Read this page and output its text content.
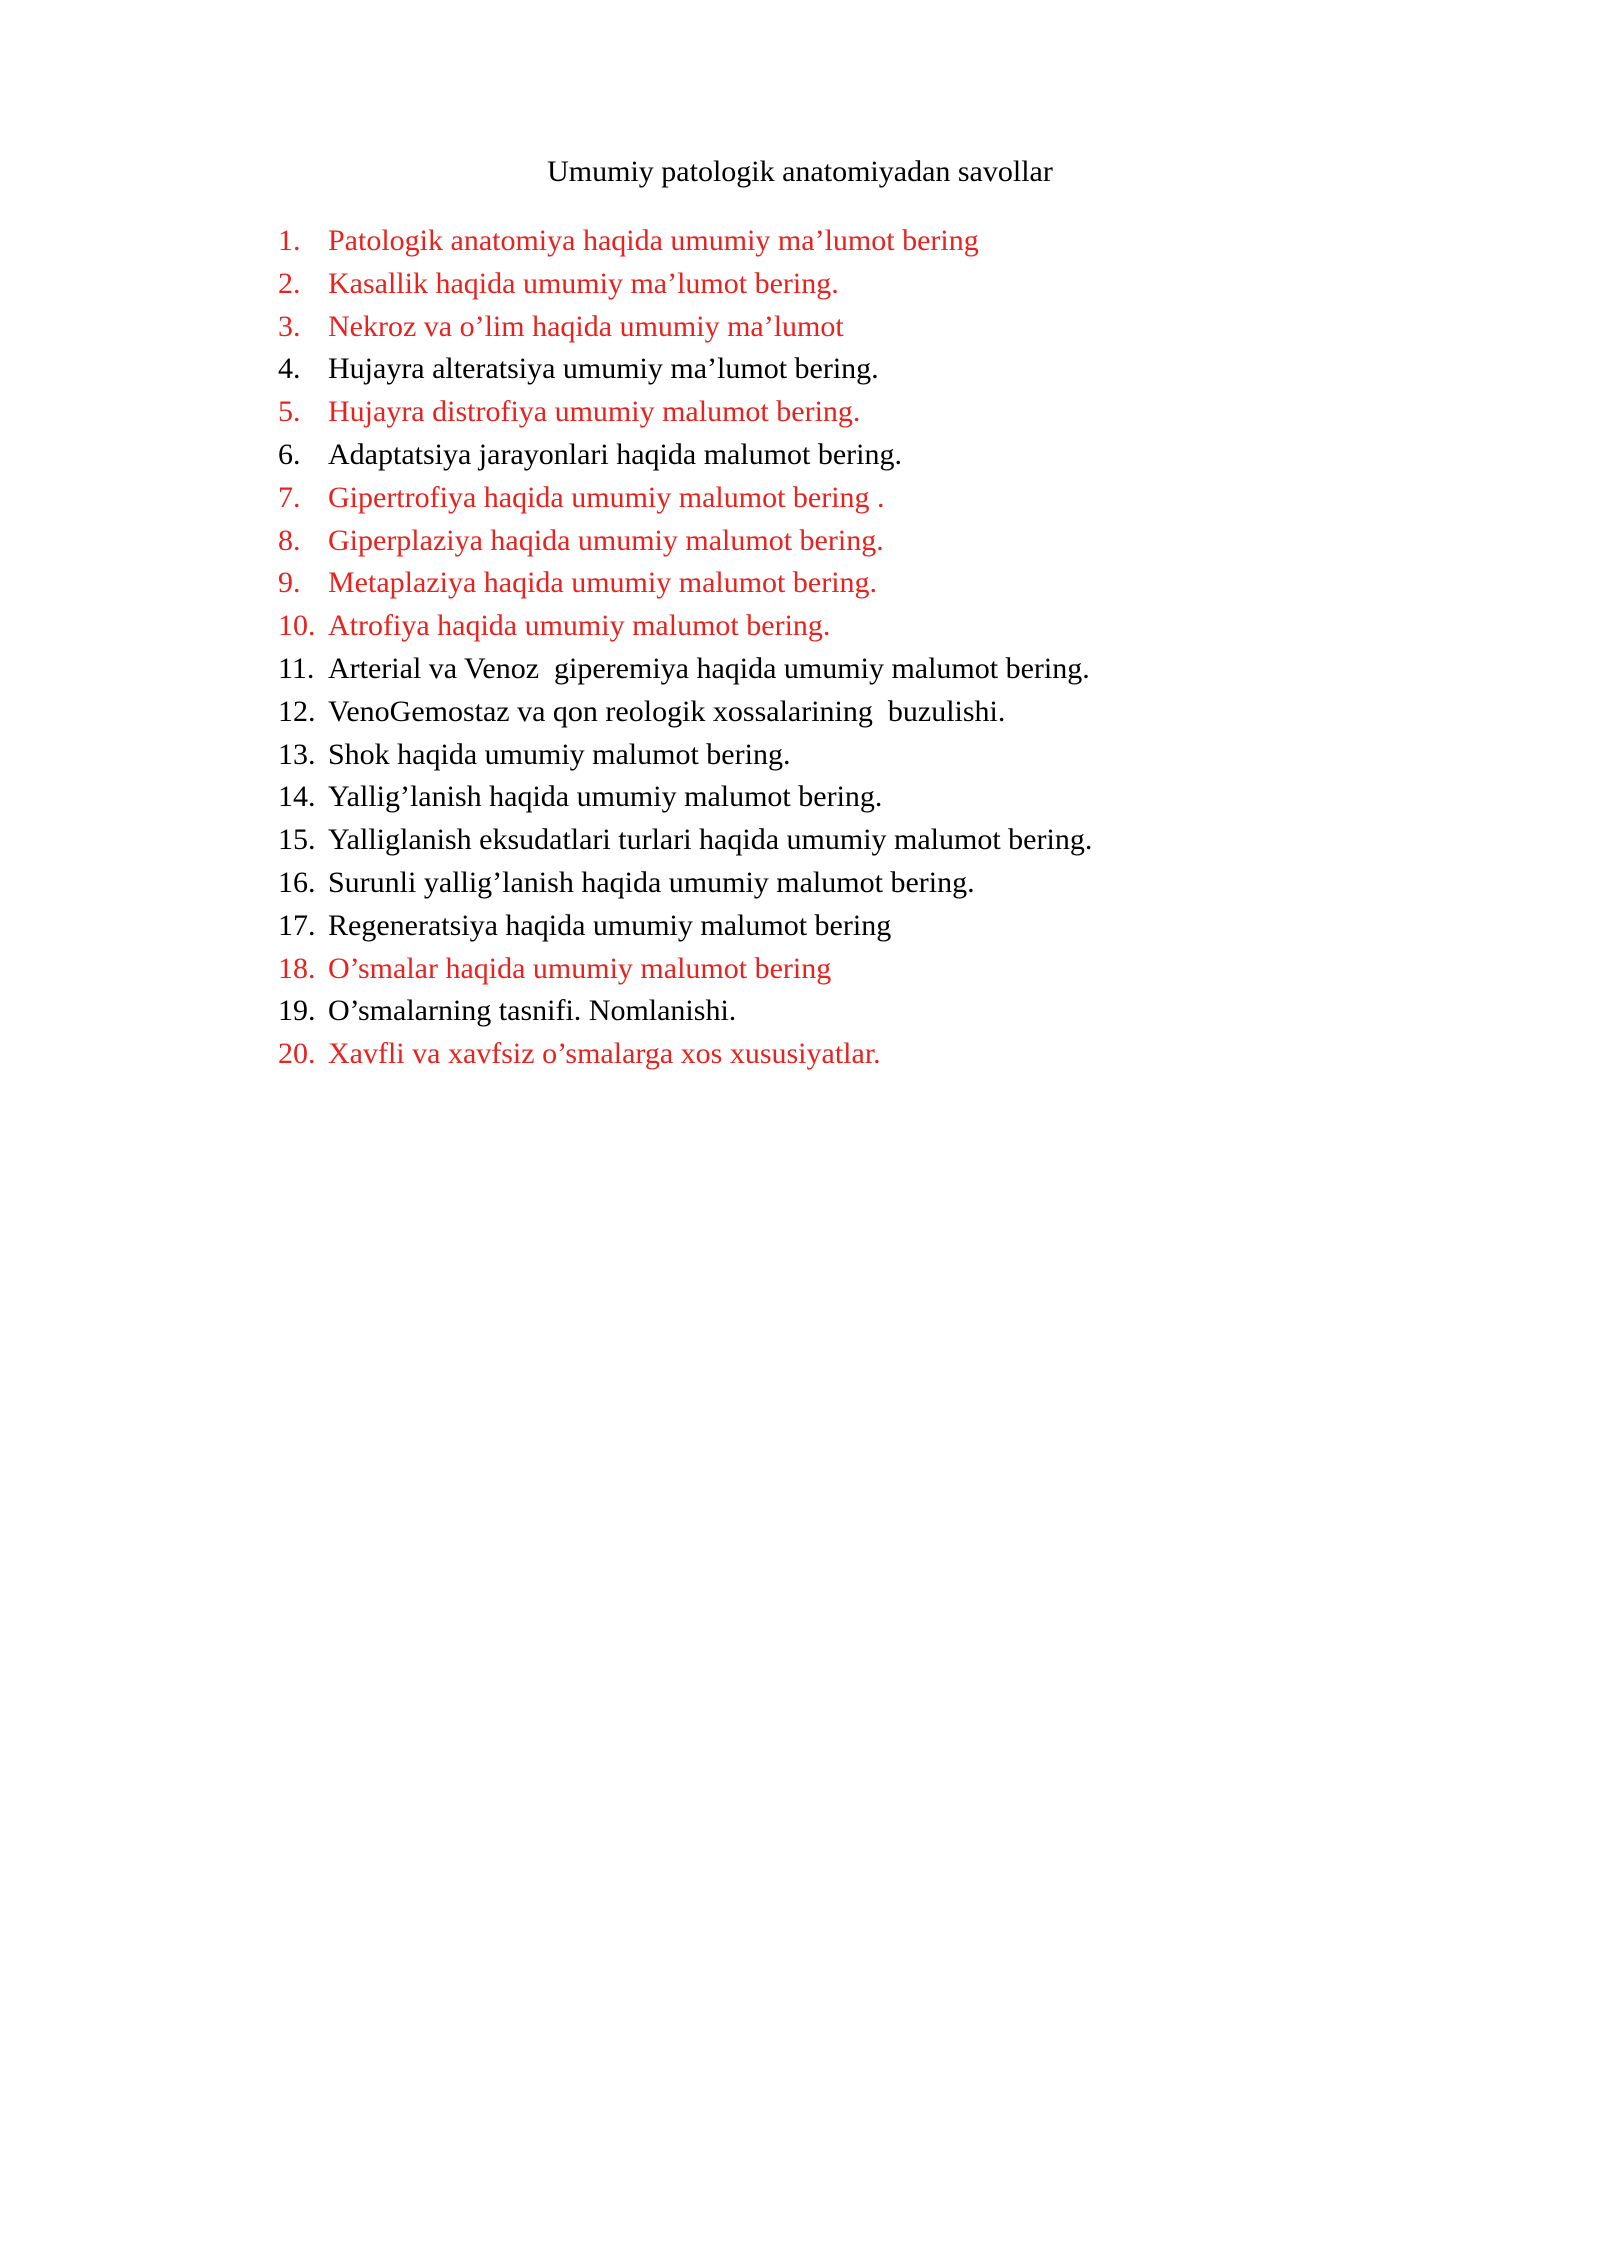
Umumiy patologik anatomiyadan savollar
1. Patologik anatomiya haqida umumiy ma’lumot bering
2. Kasallik haqida umumiy ma’lumot bering.
3. Nekroz va o’lim haqida umumiy ma’lumot
4. Hujayra alteratsiya umumiy ma’lumot bering.
5. Hujayra distrofiya umumiy malumot bering.
6. Adaptatsiya jarayonlari haqida malumot bering.
7. Gipertrofiya haqida umumiy malumot bering .
8. Giperplaziya haqida umumiy malumot bering.
9. Metaplaziya haqida umumiy malumot bering.
10. Atrofiya haqida umumiy malumot bering.
11. Arterial va Venoz  giperemiya haqida umumiy malumot bering.
12. VenoGemostaz va qon reologik xossalarining  buzulishi.
13. Shok haqida umumiy malumot bering.
14. Yallig’lanish haqida umumiy malumot bering.
15. Yalliglanish eksudatlari turlari haqida umumiy malumot bering.
16. Surunli yallig’lanish haqida umumiy malumot bering.
17. Regeneratsiya haqida umumiy malumot bering
18. O’smalar haqida umumiy malumot bering
19. O’smalarning tasnifi. Nomlanishi.
20. Xavfli va xavfsiz o’smalarga xos xususiyatlar.
